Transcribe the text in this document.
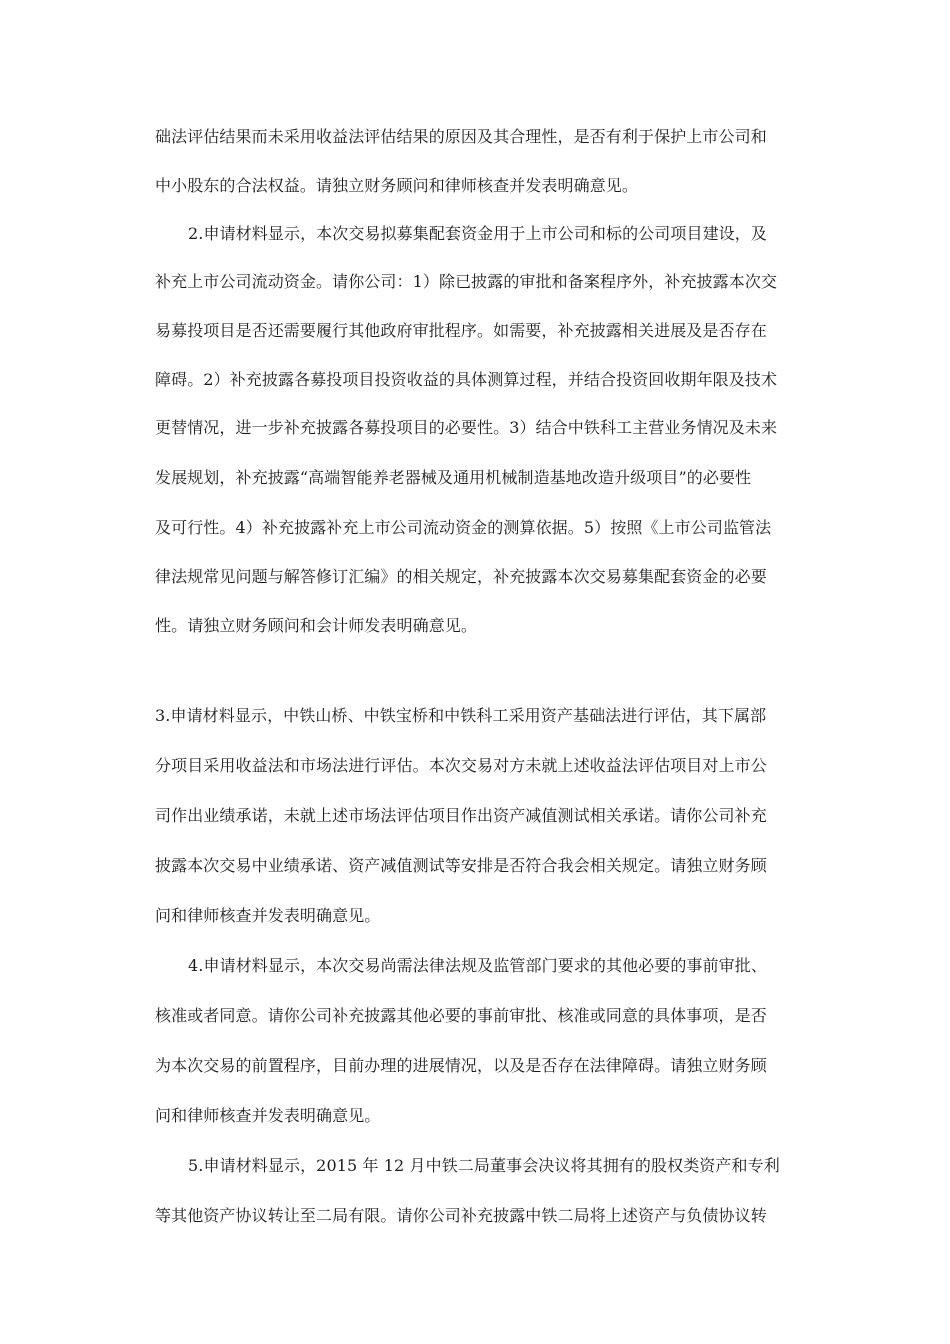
础法评估结果而未采用收益法评估结果的原因及其合理性，是否有利于保护上市公司和
中小股东的合法权益。请独立财务顾问和律师核查并发表明确意见。
2.申请材料显示，本次交易拟募集配套资金用于上市公司和标的公司项目建设，及
补充上市公司流动资金。请你公司：1）除已披露的审批和备案程序外，补充披露本次交
易募投项目是否还需要履行其他政府审批程序。如需要，补充披露相关进展及是否存在
障碍。2）补充披露各募投项目投资收益的具体测算过程，并结合投资回收期年限及技术
更替情况，进一步补充披露各募投项目的必要性。3）结合中铁科工主营业务情况及未来
发展规划，补充披露“高端智能养老器械及通用机械制造基地改造升级项目”的必要性
及可行性。4）补充披露补充上市公司流动资金的测算依据。5）按照《上市公司监管法
律法规常见问题与解答修订汇编》的相关规定，补充披露本次交易募集配套资金的必要
性。请独立财务顾问和会计师发表明确意见。
3.申请材料显示，中铁山桥、中铁宝桥和中铁科工采用资产基础法进行评估，其下属部
分项目采用收益法和市场法进行评估。本次交易对方未就上述收益法评估项目对上市公
司作出业绩承诺，未就上述市场法评估项目作出资产减值测试相关承诺。请你公司补充
披露本次交易中业绩承诺、资产减值测试等安排是否符合我会相关规定。请独立财务顾
问和律师核查并发表明确意见。
4.申请材料显示，本次交易尚需法律法规及监管部门要求的其他必要的事前审批、
核准或者同意。请你公司补充披露其他必要的事前审批、核准或同意的具体事项，是否
为本次交易的前置程序，目前办理的进展情况，以及是否存在法律障碍。请独立财务顾
问和律师核查并发表明确意见。
5.申请材料显示，2015 年 12 月中铁二局董事会决议将其拥有的股权类资产和专利
等其他资产协议转让至二局有限。请你公司补充披露中铁二局将上述资产与负债协议转
